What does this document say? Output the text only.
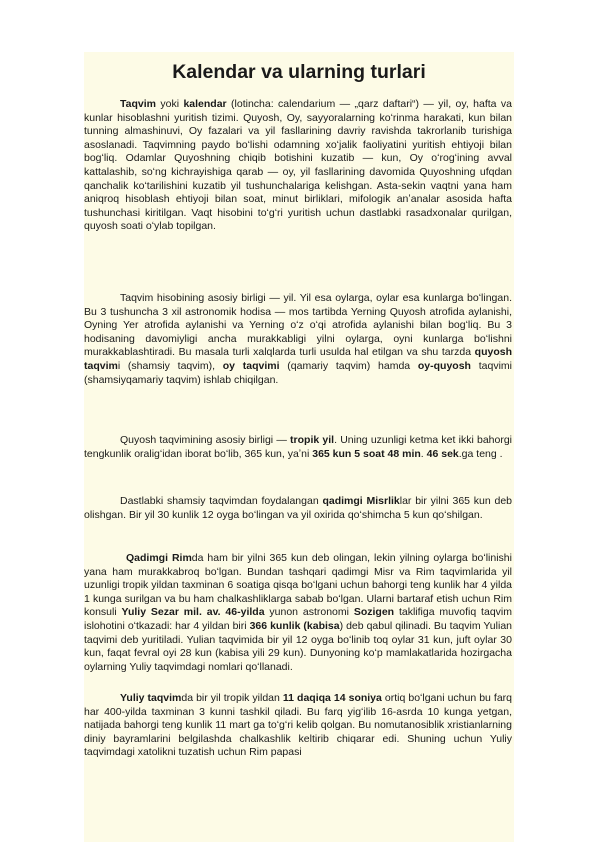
Kalendar va ularning turlari

Taqvim yoki kalendar (lotincha: calendarium — „qarz daftari“) — yil, oy, hafta va kunlar hisoblashni yuritish tizimi. Quyosh, Oy, sayyoralarning koʻrinma harakati, kun bilan tunning almashinuvi, Oy fazalari va yil fasllarining davriy ravishda takrorlanib turishiga asoslanadi. Taqvimning paydo boʻlishi odamning xoʻjalik faoliyatini yuritish ehtiyoji bilan bogʻliq. Odamlar Quyoshning chiqib botishini kuzatib — kun, Oy oʻrogʻining avval kattalashib, soʻng kichrayishiga qarab — oy, yil fasllarining davomida Quyoshning ufqdan qanchalik koʻtarilishini kuzatib yil tushunchalariga kelishgan. Asta-sekin vaqtni yana ham aniqroq hisoblash ehtiyoji bilan soat, minut birliklari, mifologik anʼanalar asosida hafta tushunchasi kiritilgan. Vaqt hisobini toʻgʻri yuritish uchun dastlabki rasadxonalar qurilgan, quyosh soati oʻylab topilgan.

Taqvim hisobining asosiy birligi — yil. Yil esa oylarga, oylar esa kunlarga boʻlingan. Bu 3 tushuncha 3 xil astronomik hodisa — mos tartibda Yerning Quyosh atrofida aylanishi, Oyning Yer atrofida aylanishi va Yerning oʻz oʻqi atrofida aylanishi bilan bogʻliq. Bu 3 hodisaning davomiyligi ancha murakkabligi yilni oylarga, oyni kunlarga boʻlishni murakkablashtiradi. Bu masala turli xalqlarda turli usulda hal etilgan va shu tarzda quyosh taqvimi (shamsiy taqvim), oy taqvimi (qamariy taqvim) hamda oy-quyosh taqvimi (shamsiyqamariy taqvim) ishlab chiqilgan.

Quyosh taqvimining asosiy birligi — tropik yil. Uning uzunligi ketma ket ikki bahorgi tengkunlik oraligʻidan iborat boʻlib, 365 kun, yaʼni 365 kun 5 soat 48 min. 46 sek.ga teng .

Dastlabki shamsiy taqvimdan foydalangan qadimgi Misrliklar bir yilni 365 kun deb olishgan. Bir yil 30 kunlik 12 oyga boʻlingan va yil oxirida qoʻshimcha 5 kun qoʻshilgan.

Qadimgi Rimda ham bir yilni 365 kun deb olingan, lekin yilning oylarga boʻlinishi yana ham murakkabroq boʻlgan. Bundan tashqari qadimgi Misr va Rim taqvimlarida yil uzunligi tropik yildan taxminan 6 soatiga qisqa boʻlgani uchun bahorgi teng kunlik har 4 yilda 1 kunga surilgan va bu ham chalkashliklarga sabab boʻlgan. Ularni bartaraf etish uchun Rim konsuli Yuliy Sezar mil. av. 46-yilda yunon astronomi Sozigen taklifiga muvofiq taqvim islohotini oʻtkazadi: har 4 yildan biri 366 kunlik (kabisa) deb qabul qilinadi. Bu taqvim Yulian taqvimi deb yuritiladi. Yulian taqvimida bir yil 12 oyga boʻlinib toq oylar 31 kun, juft oylar 30 kun, faqat fevral oyi 28 kun (kabisa yili 29 kun). Dunyoning koʻp mamlakatlarida hozirgacha oylarning Yuliy taqvimdagi nomlari qoʻllanadi.

Yuliy taqvimda bir yil tropik yildan 11 daqiqa 14 soniya ortiq boʻlgani uchun bu farq har 400-yilda taxminan 3 kunni tashkil qiladi. Bu farq yigʻilib 16-asrda 10 kunga yetgan, natijada bahorgi teng kunlik 11 mart ga toʻgʻri kelib qolgan. Bu nomutanosiblik xristianlarning diniy bayramlarini belgilashda chalkashlik keltirib chiqarar edi. Shuning uchun Yuliy taqvimdagi xatolikni tuzatish uchun Rim papasi
